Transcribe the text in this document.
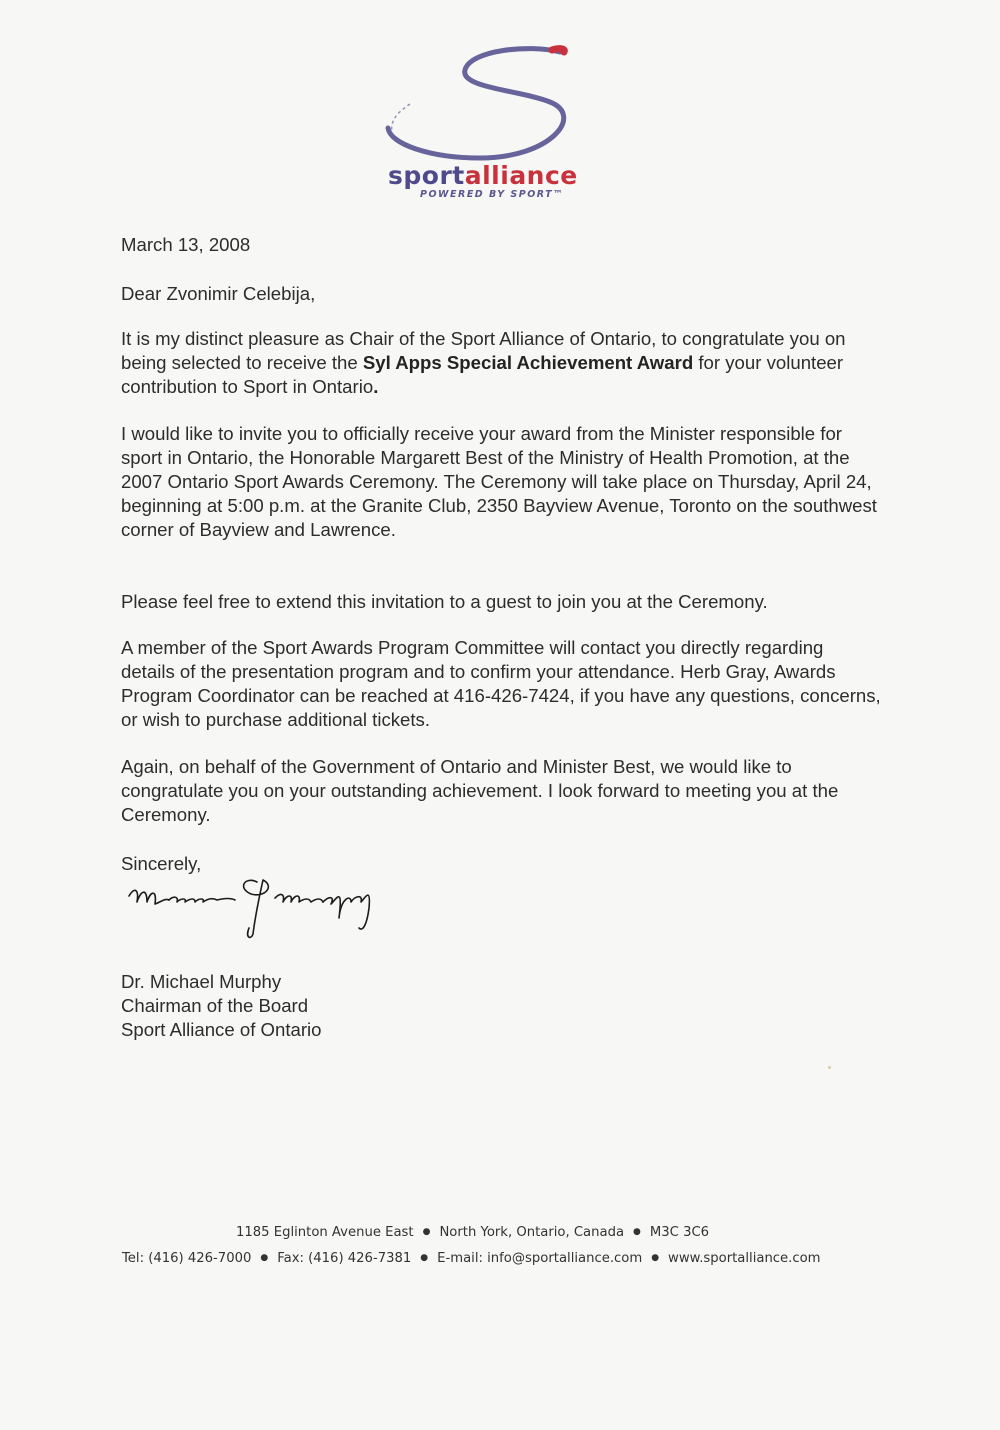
sportalliance
POWERED BY SPORT™
March 13, 2008
Dear Zvonimir Celebija,

It is my distinct pleasure as Chair of the Sport Alliance of Ontario, to congratulate you on being selected to receive the Syl Apps Special Achievement Award for your volunteer contribution to Sport in Ontario.

I would like to invite you to officially receive your award from the Minister responsible for sport in Ontario, the Honorable Margarett Best of the Ministry of Health Promotion, at the 2007 Ontario Sport Awards Ceremony. The Ceremony will take place on Thursday, April 24, beginning at 5:00 p.m. at the Granite Club, 2350 Bayview Avenue, Toronto on the southwest corner of Bayview and Lawrence.

Please feel free to extend this invitation to a guest to join you at the Ceremony.

A member of the Sport Awards Program Committee will contact you directly regarding details of the presentation program and to confirm your attendance. Herb Gray, Awards Program Coordinator can be reached at 416-426-7424, if you have any questions, concerns, or wish to purchase additional tickets.

Again, on behalf of the Government of Ontario and Minister Best, we would like to congratulate you on your outstanding achievement. I look forward to meeting you at the Ceremony.

Sincerely,
Dr. Michael Murphy
Chairman of the Board
Sport Alliance of Ontario
1185 Eglinton Avenue East ● North York, Ontario, Canada ● M3C 3C6
Tel: (416) 426-7000 ● Fax: (416) 426-7381 ● E-mail: info@sportalliance.com ● www.sportalliance.com
